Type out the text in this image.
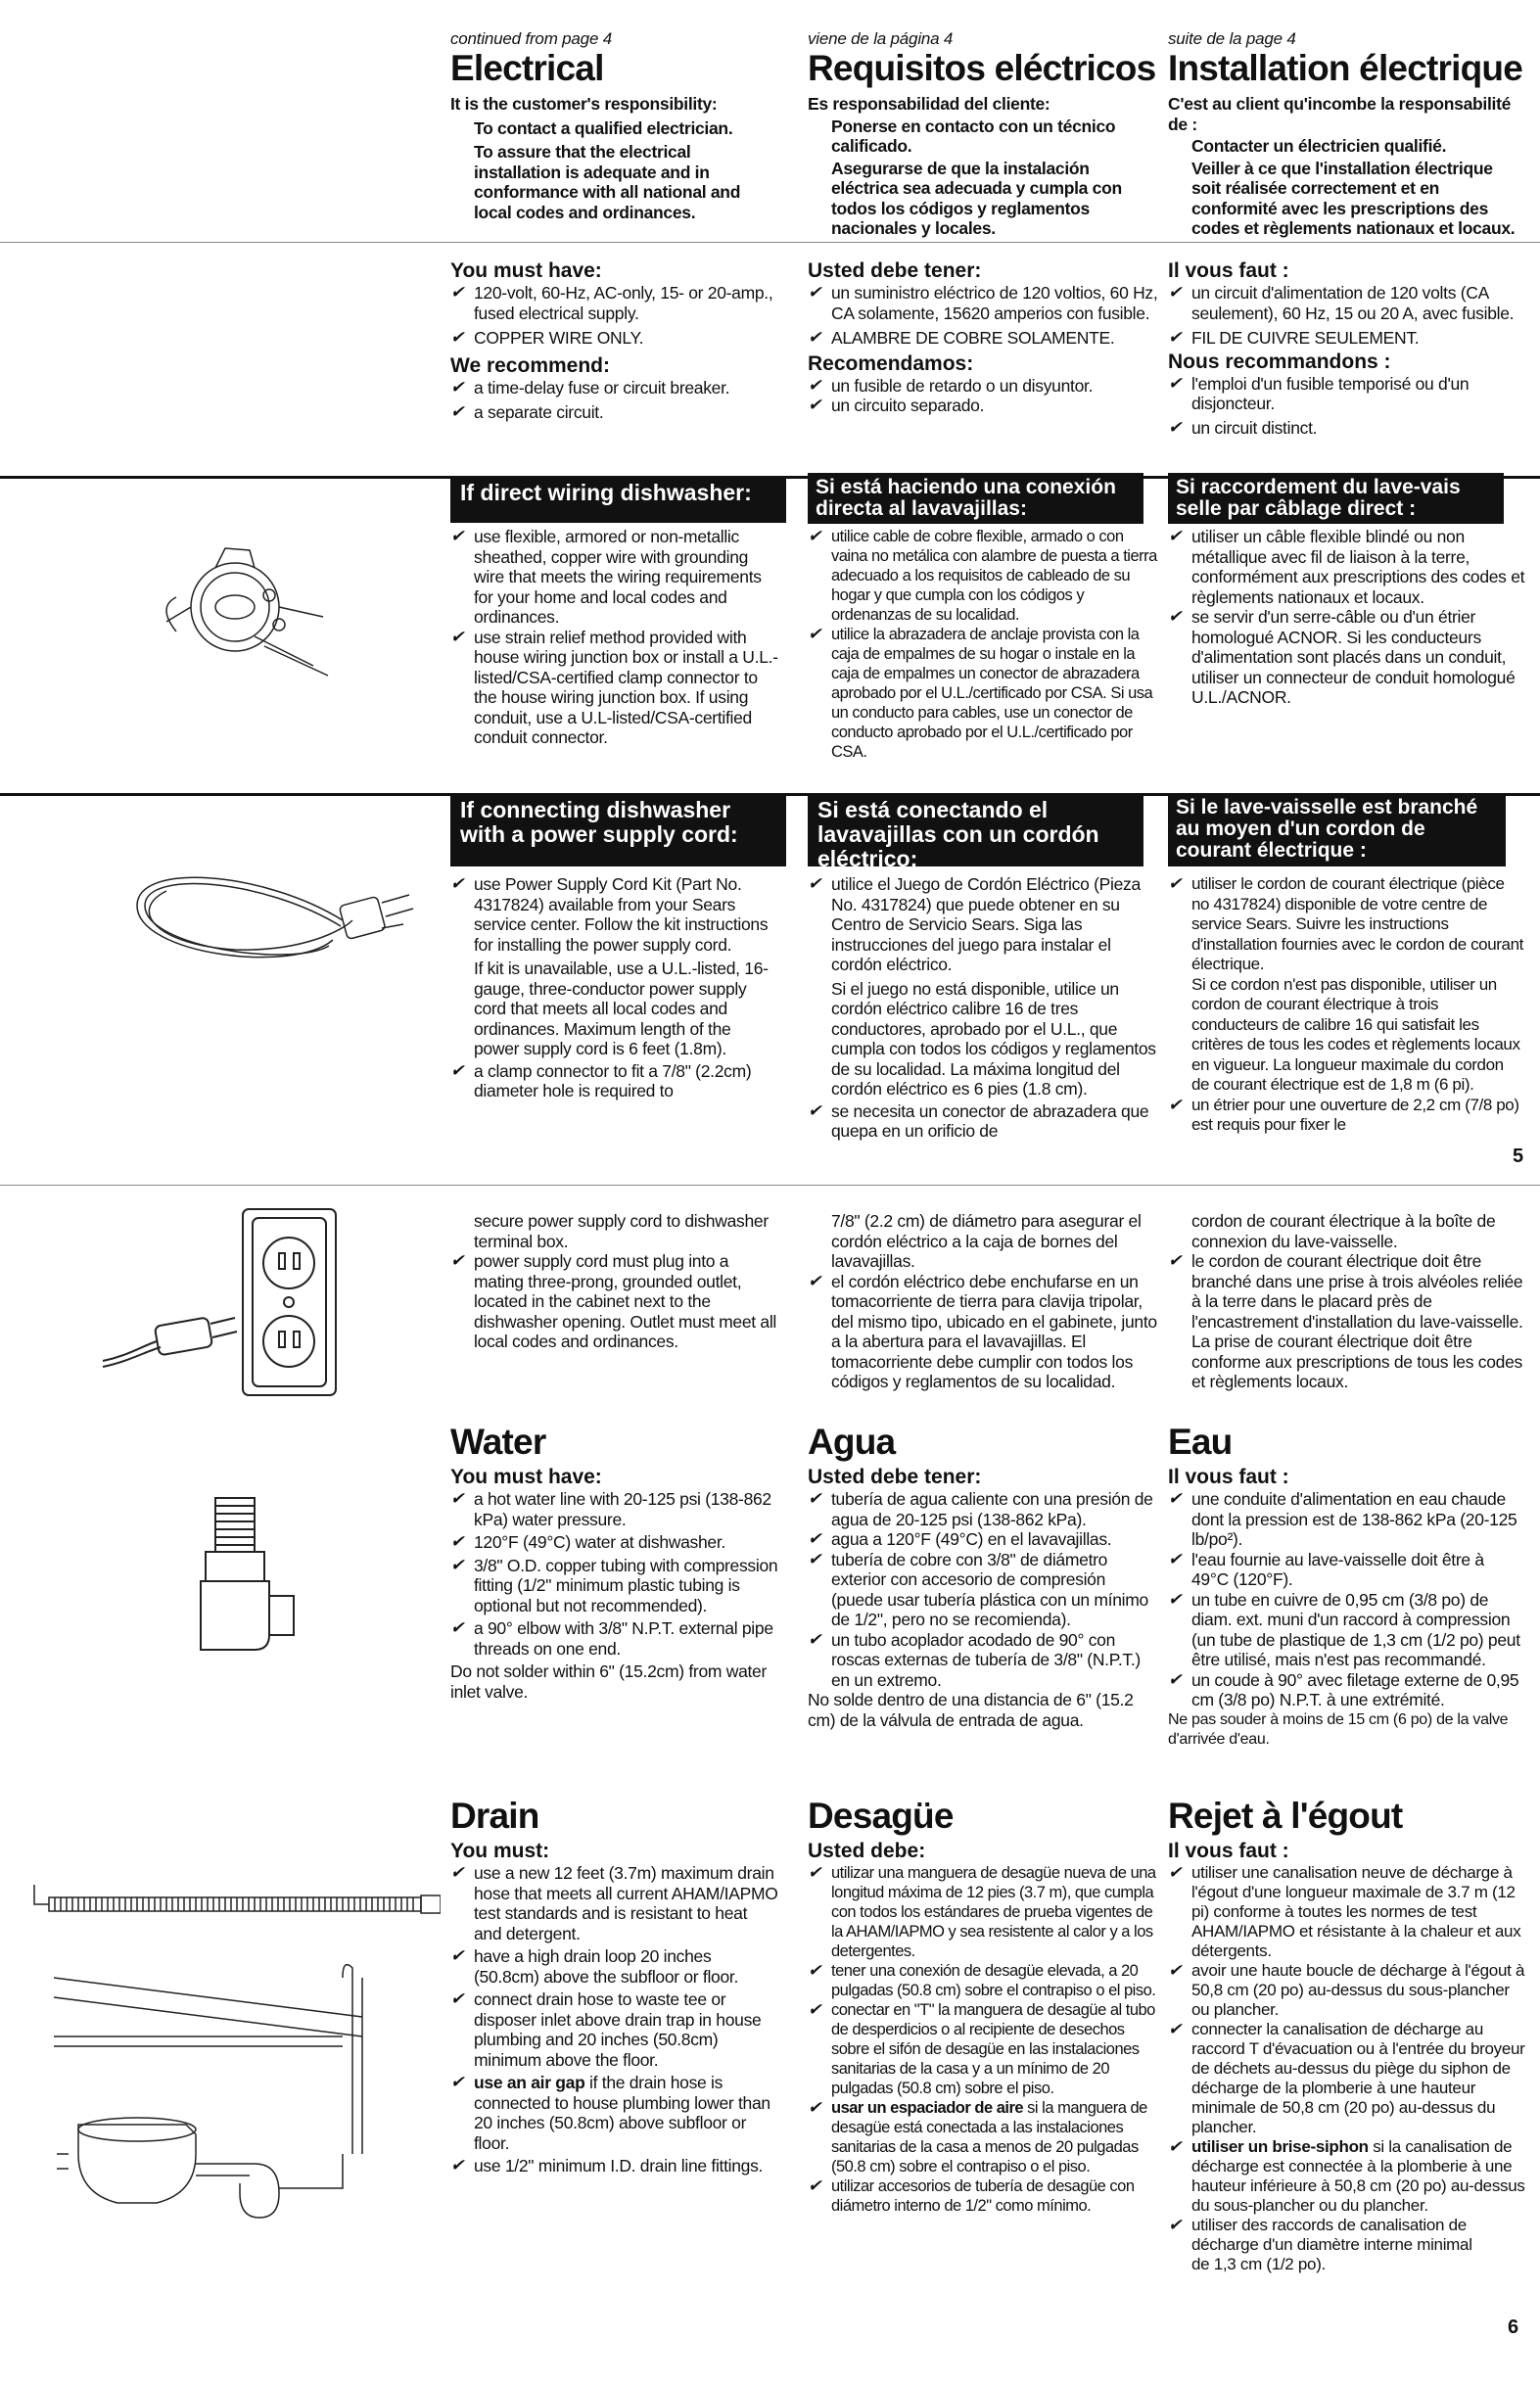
continued from page 4
Electrical
It is the customer's responsibility:
To contact a qualified electrician.
To assure that the electrical installation is adequate and in conformance with all national and local codes and ordinances.
You must have:
✔ 120-volt, 60-Hz, AC-only, 15- or 20-amp., fused electrical supply.
✔ COPPER WIRE ONLY.
We recommend:
✔ a time-delay fuse or circuit breaker.
✔ a separate circuit.
If direct wiring dishwasher:
✔ use flexible, armored or non-metallic sheathed, copper wire with grounding wire that meets the wiring requirements for your home and local codes and ordinances.
✔ use strain relief method provided with house wiring junction box or install a U.L.-listed/CSA-certified clamp connector to the house wiring junction box. If using conduit, use a U.L-listed/CSA-certified conduit connector.
If connecting dishwasher with a power supply cord:
✔ use Power Supply Cord Kit (Part No. 4317824) available from your Sears service center. Follow the kit instructions for installing the power supply cord.

If kit is unavailable, use a U.L.-listed, 16-gauge, three-conductor power supply cord that meets all local codes and ordinances. Maximum length of the power supply cord is 6 feet (1.8m).

✔ a clamp connector to fit a 7/8" (2.2cm) diameter hole is required to

secure power supply cord to dishwasher terminal box.

✔ power supply cord must plug into a mating three-prong, grounded outlet, located in the cabinet next to the dishwasher opening. Outlet must meet all local codes and ordinances.
Water
You must have:
✔ a hot water line with 20-125 psi (138-862 kPa) water pressure.
✔ 120°F (49°C) water at dishwasher.
✔ 3/8" O.D. copper tubing with compression fitting (1/2" minimum plastic tubing is optional but not recommended).
✔ a 90° elbow with 3/8" N.P.T. external pipe threads on one end.
Do not solder within 6" (15.2cm) from water inlet valve.
Drain
You must:
✔ use a new 12 feet (3.7m) maximum drain hose that meets all current AHAM/IAPMO test standards and is resistant to heat and detergent.
✔ have a high drain loop 20 inches (50.8cm) above the subfloor or floor.
✔ connect drain hose to waste tee or disposer inlet above drain trap in house plumbing and 20 inches (50.8cm) minimum above the floor.
✔ use an air gap if the drain hose is connected to house plumbing lower than 20 inches (50.8cm) above subfloor or floor.
✔ use 1/2" minimum I.D. drain line fittings.
viene de la página 4
Requisitos eléctricos
Es responsabilidad del cliente:
Ponerse en contacto con un técnico calificado.
Asegurarse de que la instalación eléctrica sea adecuada y cumpla con todos los códigos y reglamentos nacionales y locales.
Usted debe tener:
✔ un suministro eléctrico de 120 voltios, 60 Hz, CA solamente, 15620 amperios con fusible.
✔ ALAMBRE DE COBRE SOLAMENTE.
Recomendamos:
✔ un fusible de retardo o un disyuntor.
✔ un circuito separado.
Si está haciendo una conexión directa al lavavajillas:
✔ utilice cable de cobre flexible, armado o con vaina no metálica con alambre de puesta a tierra adecuado a los requisitos de cableado de su hogar y que cumpla con los códigos y ordenanzas de su localidad.
✔ utilice la abrazadera de anclaje provista con la caja de empalmes de su hogar o instale en la caja de empalmes un conector de abrazadera aprobado por el U.L./certificado por CSA. Si usa un conducto para cables, use un conector de conducto aprobado por el U.L./certificado por CSA.
Si está conectando el lavavajillas con un cordón eléctrico:
✔ utilice el Juego de Cordón Eléctrico (Pieza No. 4317824) que puede obtener en su Centro de Servicio Sears. Siga las instrucciones del juego para instalar el cordón eléctrico.

Si el juego no está disponible, utilice un cordón eléctrico calibre 16 de tres conductores, aprobado por el U.L., que cumpla con todos los códigos y reglamentos de su localidad. La máxima longitud del cordón eléctrico es 6 pies (1.8 cm).

✔ se necesita un conector de abrazadera que quepa en un orificio de

7/8" (2.2 cm) de diámetro para asegurar el cordón eléctrico a la caja de bornes del lavavajillas.

✔ el cordón eléctrico debe enchufarse en un tomacorriente de tierra para clavija tripolar, del mismo tipo, ubicado en el gabinete, junto a la abertura para el lavavajillas. El tomacorriente debe cumplir con todos los códigos y reglamentos de su localidad.
Agua
Usted debe tener:
✔ tubería de agua caliente con una presión de agua de 20-125 psi (138-862 kPa).
✔ agua a 120°F (49°C) en el lavavajillas.
✔ tubería de cobre con 3/8" de diámetro exterior con accesorio de compresión (puede usar tubería plástica con un mínimo de 1/2", pero no se recomienda).
✔ un tubo acoplador acodado de 90° con roscas externas de tubería de 3/8" (N.P.T.) en un extremo.
No solde dentro de una distancia de 6" (15.2 cm) de la válvula de entrada de agua.
Desagüe
Usted debe:
✔ utilizar una manguera de desagüe nueva de una longitud máxima de 12 pies (3.7 m), que cumpla con todos los estándares de prueba vigentes de la AHAM/IAPMO y sea resistente al calor y a los detergentes.
✔ tener una conexión de desagüe elevada, a 20 pulgadas (50.8 cm) sobre el contrapiso o el piso.
✔ conectar en "T" la manguera de desagüe al tubo de desperdicios o al recipiente de desechos sobre el sifón de desagüe en las instalaciones sanitarias de la casa y a un mínimo de 20 pulgadas (50.8 cm) sobre el piso.
✔ usar un espaciador de aire si la manguera de desagüe está conectada a las instalaciones sanitarias de la casa a menos de 20 pulgadas (50.8 cm) sobre el contrapiso o el piso.
✔ utilizar accesorios de tubería de desagüe con diámetro interno de 1/2" como mínimo.
suite de la page 4
Installation électrique
C'est au client qu'incombe la responsabilité de :
Contacter un électricien qualifié.
Veiller à ce que l'installation électrique soit réalisée correctement et en conformité avec les prescriptions des codes et règlements nationaux et locaux.
Il vous faut :
✔ un circuit d'alimentation de 120 volts (CA seulement), 60 Hz, 15 ou 20 A, avec fusible.
✔ FIL DE CUIVRE SEULEMENT.
Nous recommandons :
✔ l'emploi d'un fusible temporisé ou d'un disjoncteur.
✔ un circuit distinct.
Si raccordement du lave-vais selle par câblage direct :
✔ utiliser un câble flexible blindé ou non métallique avec fil de liaison à la terre, conformément aux prescriptions des codes et règlements nationaux et locaux.
✔ se servir d'un serre-câble ou d'un étrier homologué ACNOR. Si les conducteurs d'alimentation sont placés dans un conduit, utiliser un connecteur de conduit homologué U.L./ACNOR.
Si le lave-vaisselle est branché au moyen d'un cordon de courant électrique :
✔ utiliser le cordon de courant électrique (pièce no 4317824) disponible de votre centre de service Sears. Suivre les instructions d'installation fournies avec le cordon de courant électrique.

Si ce cordon n'est pas disponible, utiliser un cordon de courant électrique à trois conducteurs de calibre 16 qui satisfait les critères de tous les codes et règlements locaux en vigueur. La longueur maximale du cordon de courant électrique est de 1,8 m (6 pi).

✔ un étrier pour une ouverture de 2,2 cm (7/8 po) est requis pour fixer le

cordon de courant électrique à la boîte de connexion du lave-vaisselle.

✔ le cordon de courant électrique doit être branché dans une prise à trois alvéoles reliée à la terre dans le placard près de l'encastrement d'installation du lave-vaisselle. La prise de courant électrique doit être conforme aux prescriptions de tous les codes et règlements locaux.
Eau
Il vous faut :
✔ une conduite d'alimentation en eau chaude dont la pression est de 138-862 kPa (20-125 lb/po²).
✔ l'eau fournie au lave-vaisselle doit être à 49°C (120°F).
✔ un tube en cuivre de 0,95 cm (3/8 po) de diam. ext. muni d'un raccord à compression (un tube de plastique de 1,3 cm (1/2 po) peut être utilisé, mais n'est pas recommandé.
✔ un coude à 90° avec filetage externe de 0,95 cm (3/8 po) N.P.T. à une extrémité.
Ne pas souder à moins de 15 cm (6 po) de la valve d'arrivée d'eau.
Rejet à l'égout
Il vous faut :
✔ utiliser une canalisation neuve de décharge à l'égout d'une longueur maximale de 3.7 m (12 pi) conforme à toutes les normes de test AHAM/IAPMO et résistante à la chaleur et aux détergents.
✔ avoir une haute boucle de décharge à l'égout à 50,8 cm (20 po) au-dessus du sous-plancher ou plancher.
✔ connecter la canalisation de décharge au raccord T d'évacuation ou à l'entrée du broyeur de déchets au-dessus du piège du siphon de décharge de la plomberie à une hauteur minimale de 50,8 cm (20 po) au-dessus du plancher.
✔ utiliser un brise-siphon si la canalisation de décharge est connectée à la plomberie à une hauteur inférieure à 50,8 cm (20 po) au-dessus du sous-plancher ou du plancher.
✔ utiliser des raccords de canalisation de décharge d'un diamètre interne minimal de 1,3 cm (1/2 po).
5
6
